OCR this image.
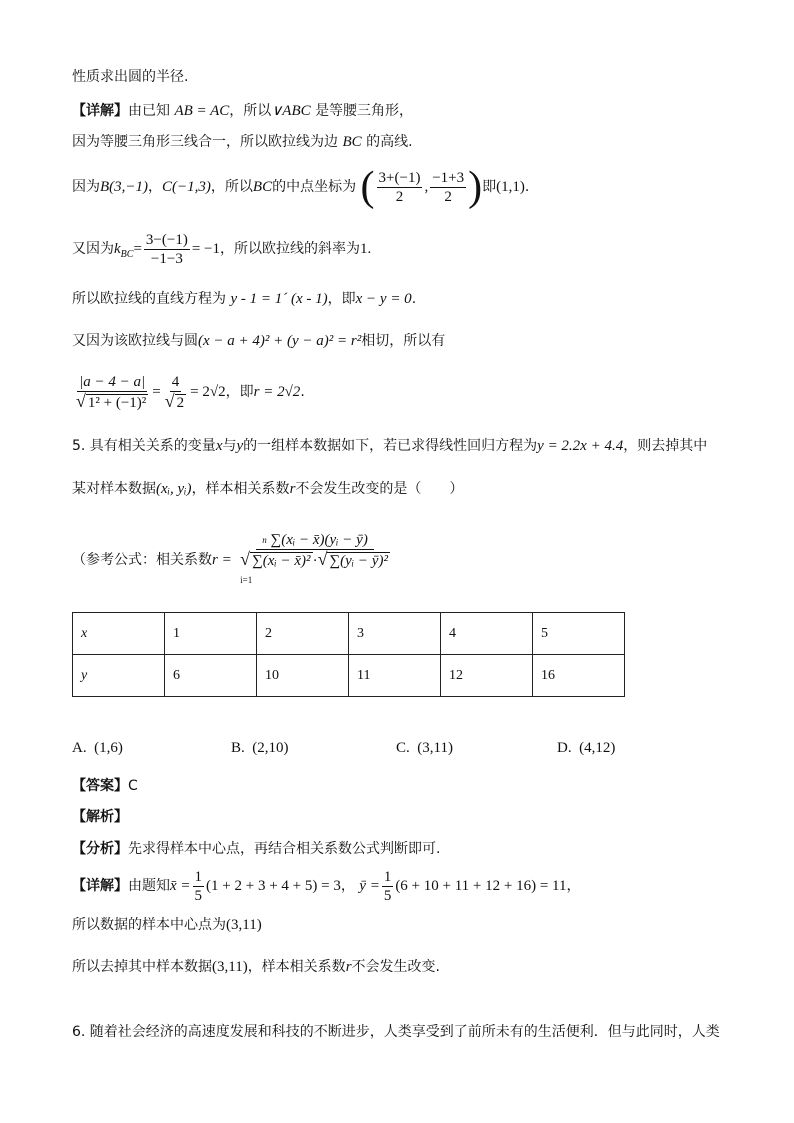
性质求出圆的半径.
【详解】由已知 AB = AC，所以∨ABC 是等腰三角形，
因为等腰三角形三线合一，所以欧拉线为边 BC 的高线.
因为B(3,−1)，C(−1,3)，所以BC的中点坐标为 ( $\frac{3+(-1)}{2}$ , $\frac{-1+3}{2}$ )即(1,1).
又因为$k_{BC}= \frac{3-(-1)}{-1-3} = -1$，所以欧拉线的斜率为1.
所以欧拉线的直线方程为 y - 1 = 1´ (x - 1)，即x − y = 0.
又因为该欧拉线与圆(x − a + 4)² + (y − a)² = r²相切，所以有
$\frac{|a - 4 - a|}{\text{√ 1² + (−1)²}} = \frac{4}{√ 2} = 2√2$，即r = 2√2.
5. 具有相关关系的变量x与y的一组样本数据如下，若已求得线性回归方程为y = 2.2x + 4.4，则去掉其中
某对样本数据(xᵢ, yᵢ)，样本相关系数r不会发生改变的是（　　）
（参考公式：相关系数r =
$^n$ ∑(xᵢ − x̄)(yᵢ − ȳ)
√ ∑(xᵢ − x̄)² ·√ ∑(yᵢ − ȳ)²
i=1
x	1	2	3	4	5
y	6	10	11	12	16
A. (1,6)	B. (2,10)	C. (3,11)	D. (4,12)
【答案】C
【解析】
【分析】先求得样本中心点，再结合相关系数公式判断即可.
【详解】由题知x̄ = $\frac{1}{5} (1 + 2 + 3 + 4 + 5) = 3$， ȳ = $\frac{1}{5} (6 + 10 + 11 + 12 + 16) = 11$，
所以数据的样本中心点为(3,11)
所以去掉其中样本数据(3,11)，样本相关系数r不会发生改变.
6. 随着社会经济的高速度发展和科技的不断进步，人类享受到了前所未有的生活便利．但与此同时，人类
